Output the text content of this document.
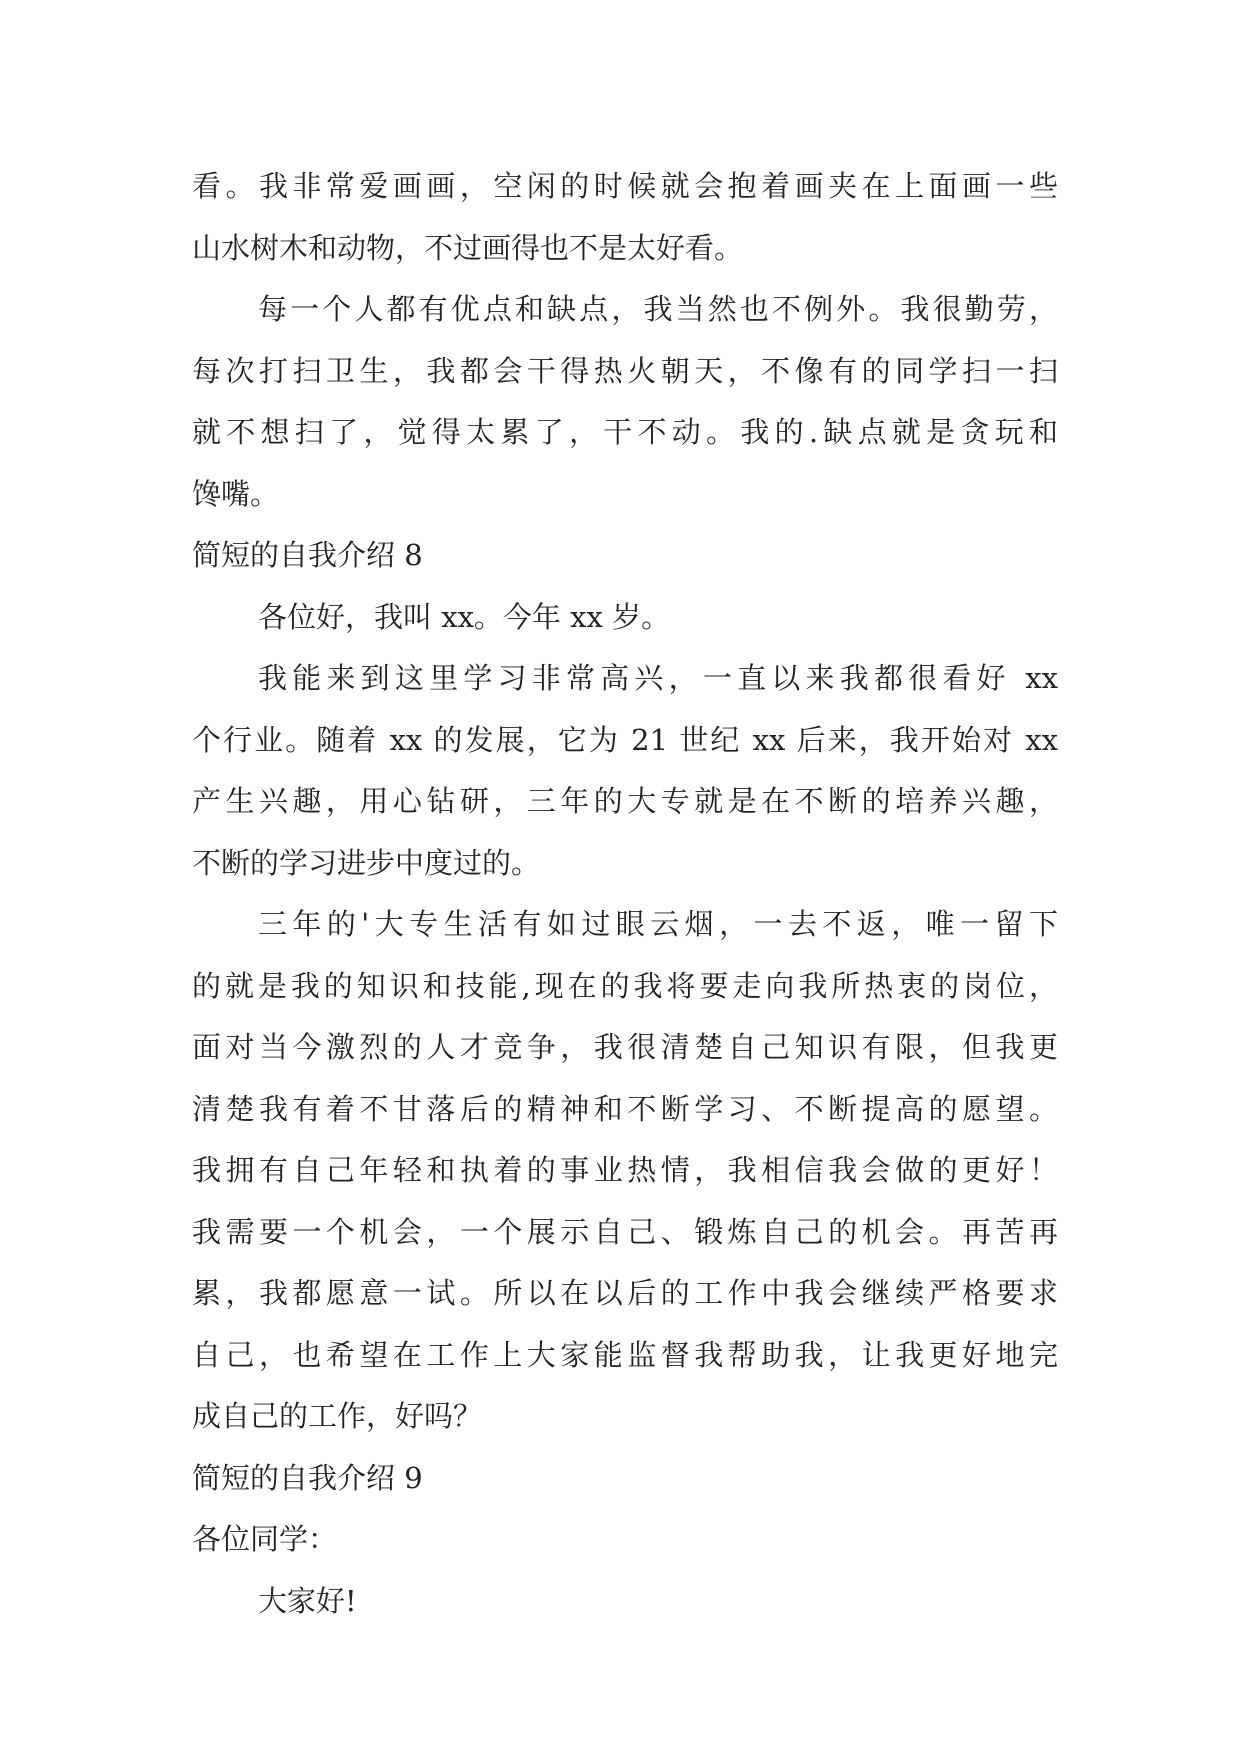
看。我非常爱画画，空闲的时候就会抱着画夹在上面画一些
山水树木和动物，不过画得也不是太好看。
每一个人都有优点和缺点，我当然也不例外。我很勤劳，
每次打扫卫生，我都会干得热火朝天，不像有的同学扫一扫
就不想扫了，觉得太累了，干不动。我的.缺点就是贪玩和
馋嘴。
简短的自我介绍 8
各位好，我叫 xx。今年 xx 岁。
我能来到这里学习非常高兴，一直以来我都很看好 xx
个行业。随着 xx 的发展，它为 21 世纪 xx 后来，我开始对 xx
产生兴趣，用心钻研，三年的大专就是在不断的培养兴趣，
不断的学习进步中度过的。
三年的'大专生活有如过眼云烟，一去不返，唯一留下
的就是我的知识和技能,现在的我将要走向我所热衷的岗位，
面对当今激烈的人才竞争，我很清楚自己知识有限，但我更
清楚我有着不甘落后的精神和不断学习、不断提高的愿望。
我拥有自己年轻和执着的事业热情，我相信我会做的更好！
我需要一个机会，一个展示自己、锻炼自己的机会。再苦再
累，我都愿意一试。所以在以后的工作中我会继续严格要求
自己，也希望在工作上大家能监督我帮助我，让我更好地完
成自己的工作，好吗？
简短的自我介绍 9
各位同学：
大家好!
